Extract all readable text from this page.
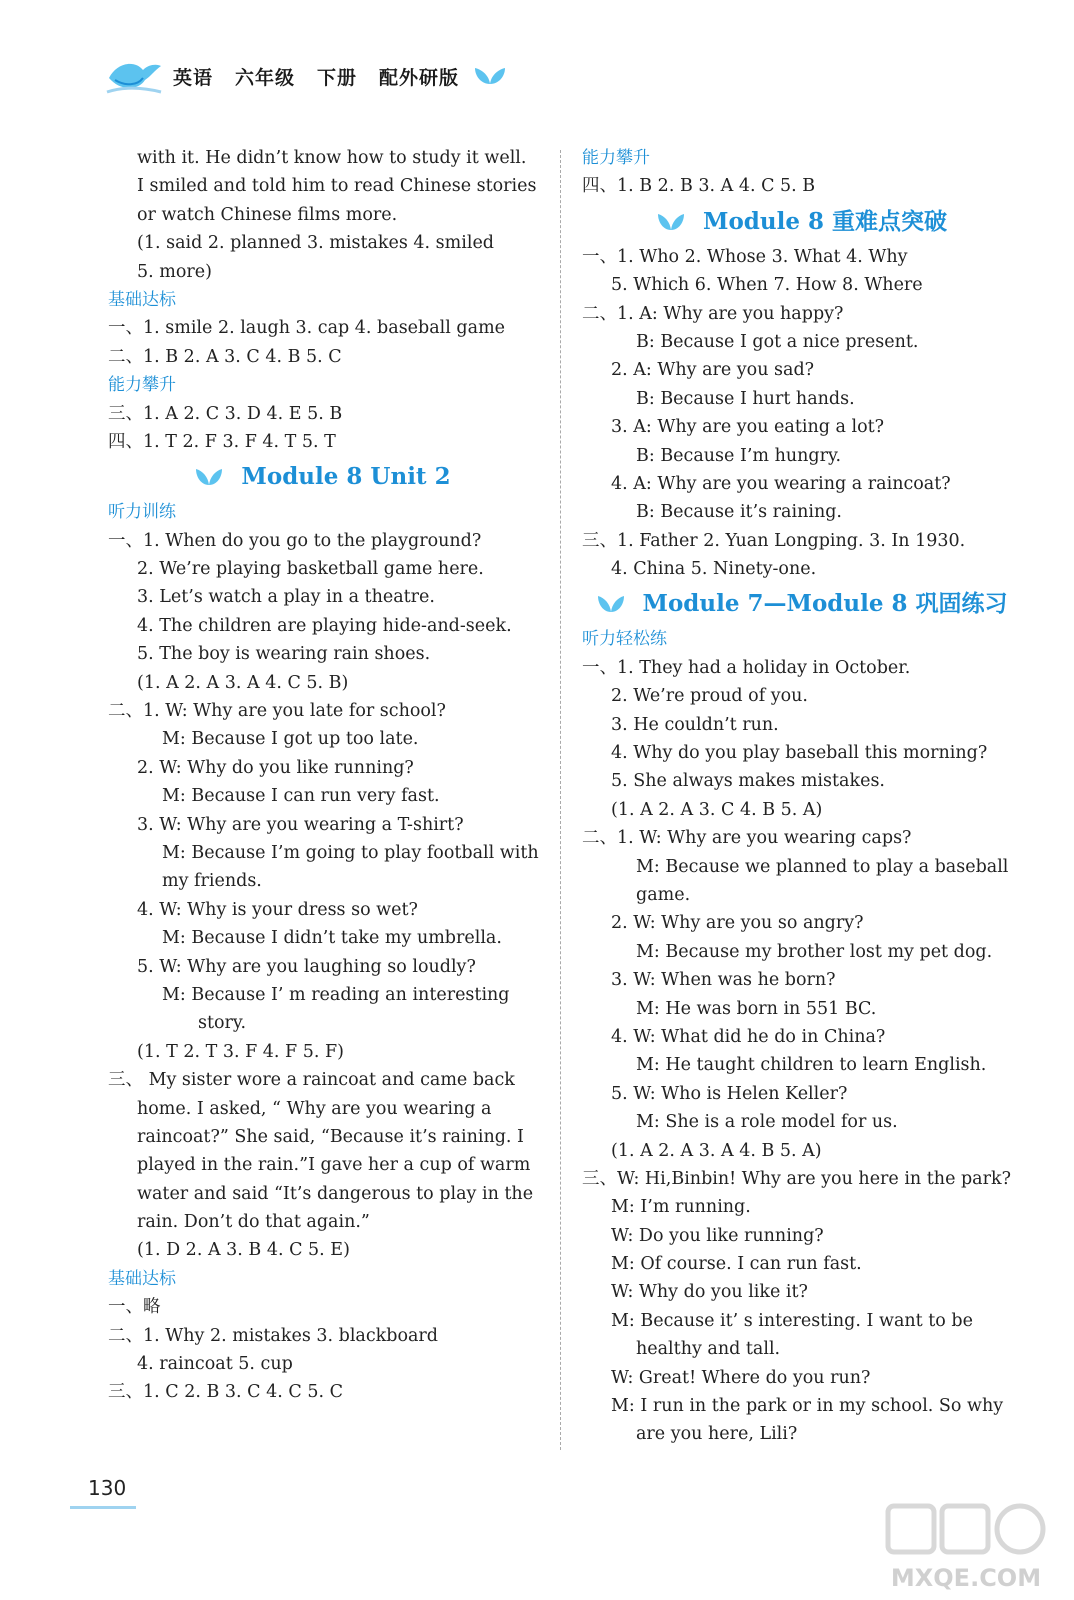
英语 六年级 下册 配外研版
with it. He didn’t know how to study it well.
I smiled and told him to read Chinese stories
or watch Chinese films more.
(1. said 2. planned 3. mistakes 4. smiled
5. more)
基础达标
一、1. smile 2. laugh 3. cap 4. baseball game
二、1. B 2. A 3. C 4. B 5. C
能力攀升
三、1. A 2. C 3. D 4. E 5. B
四、1. T 2. F 3. F 4. T 5. T
Module 8 Unit 2
听力训练
一、1. When do you go to the playground?
2. We’re playing basketball game here.
3. Let’s watch a play in a theatre.
4. The children are playing hide-and-seek.
5. The boy is wearing rain shoes.
(1. A 2. A 3. A 4. C 5. B)
二、1. W: Why are you late for school?
M: Because I got up too late.
2. W: Why do you like running?
M: Because I can run very fast.
3. W: Why are you wearing a T-shirt?
M: Because I’m going to play football with
my friends.
4. W: Why is your dress so wet?
M: Because I didn’t take my umbrella.
5. W: Why are you laughing so loudly?
M: Because I’ m reading an interesting
story.
(1. T 2. T 3. F 4. F 5. F)
三、 My sister wore a raincoat and came back
home. I asked, “ Why are you wearing a
raincoat?” She said, “Because it’s raining. I
played in the rain.”I gave her a cup of warm
water and said “It’s dangerous to play in the
rain. Don’t do that again.”
(1. D 2. A 3. B 4. C 5. E)
基础达标
一、略
二、1. Why 2. mistakes 3. blackboard
4. raincoat 5. cup
三、1. C 2. B 3. C 4. C 5. C
能力攀升
四、1. B 2. B 3. A 4. C 5. B
Module 8 重难点突破
一、1. Who 2. Whose 3. What 4. Why
5. Which 6. When 7. How 8. Where
二、1. A: Why are you happy?
B: Because I got a nice present.
2. A: Why are you sad?
B: Because I hurt hands.
3. A: Why are you eating a lot?
B: Because I’m hungry.
4. A: Why are you wearing a raincoat?
B: Because it’s raining.
三、1. Father 2. Yuan Longping. 3. In 1930.
4. China 5. Ninety-one.
Module 7—Module 8 巩固练习
听力轻松练
一、1. They had a holiday in October.
2. We’re proud of you.
3. He couldn’t run.
4. Why do you play baseball this morning?
5. She always makes mistakes.
(1. A 2. A 3. C 4. B 5. A)
二、1. W: Why are you wearing caps?
M: Because we planned to play a baseball
game.
2. W: Why are you so angry?
M: Because my brother lost my pet dog.
3. W: When was he born?
M: He was born in 551 BC.
4. W: What did he do in China?
M: He taught children to learn English.
5. W: Who is Helen Keller?
M: She is a role model for us.
(1. A 2. A 3. A 4. B 5. A)
三、W: Hi,Binbin! Why are you here in the park?
M: I’m running.
W: Do you like running?
M: Of course. I can run fast.
W: Why do you like it?
M: Because it’ s interesting. I want to be
healthy and tall.
W: Great! Where do you run?
M: I run in the park or in my school. So why
are you here, Lili?
130
MXQE.COM
